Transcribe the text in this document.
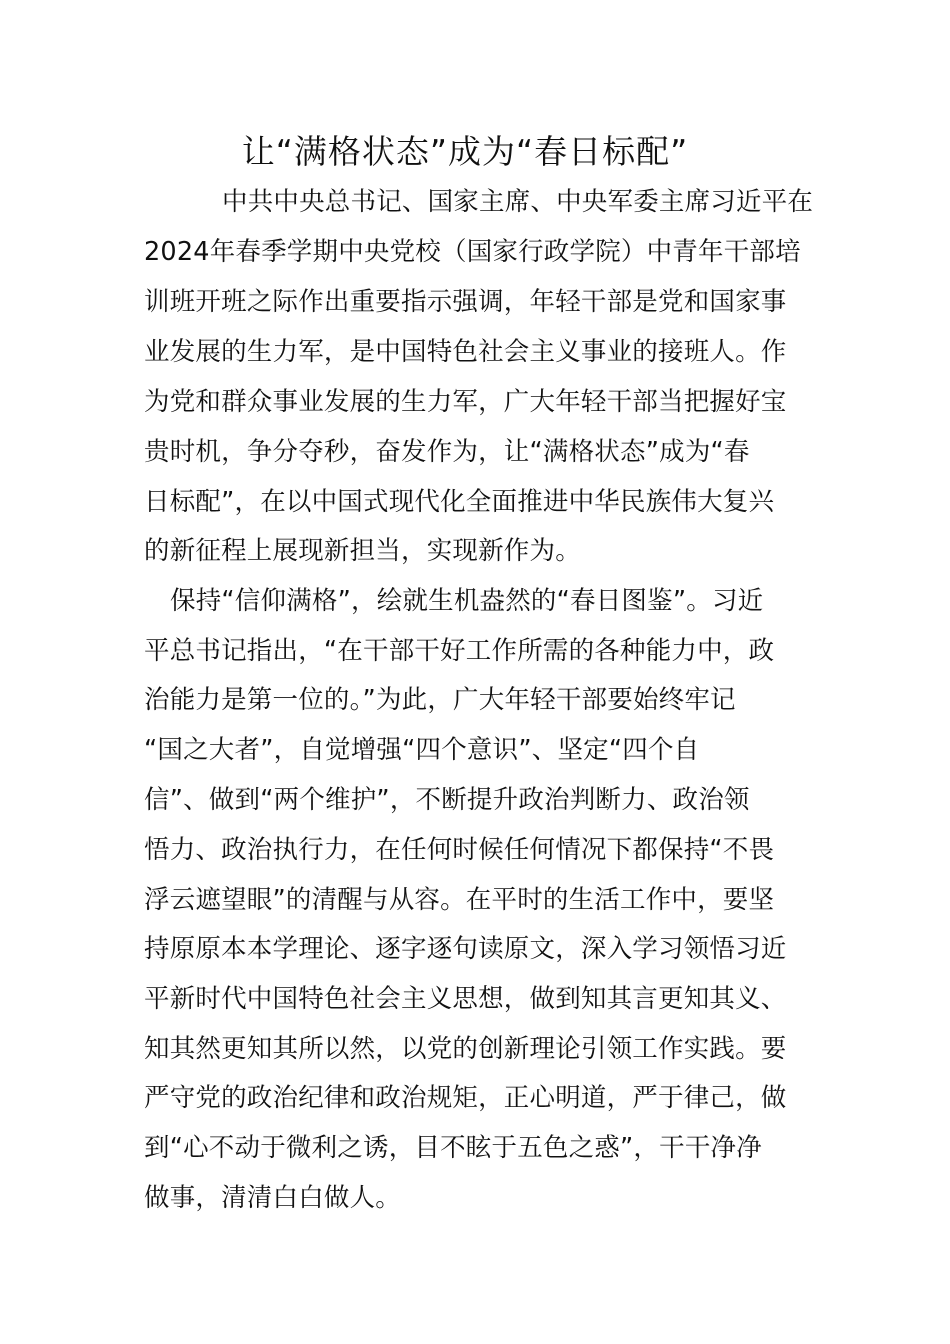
让“满格状态”成为“春日标配”
中共中央总书记、国家主席、中央军委主席习近平在
2024年春季学期中央党校（国家行政学院）中青年干部培
训班开班之际作出重要指示强调，年轻干部是党和国家事
业发展的生力军，是中国特色社会主义事业的接班人。作
为党和群众事业发展的生力军，广大年轻干部当把握好宝
贵时机，争分夺秒，奋发作为，让“满格状态”成为“春
日标配”，在以中国式现代化全面推进中华民族伟大复兴
的新征程上展现新担当，实现新作为。
保持“信仰满格”，绘就生机盎然的“春日图鉴”。习近
平总书记指出，“在干部干好工作所需的各种能力中，政
治能力是第一位的。”为此，广大年轻干部要始终牢记
“国之大者”，自觉增强“四个意识”、坚定“四个自
信”、做到“两个维护”，不断提升政治判断力、政治领
悟力、政治执行力，在任何时候任何情况下都保持“不畏
浮云遮望眼”的清醒与从容。在平时的生活工作中，要坚
持原原本本学理论、逐字逐句读原文，深入学习领悟习近
平新时代中国特色社会主义思想，做到知其言更知其义、
知其然更知其所以然，以党的创新理论引领工作实践。要
严守党的政治纪律和政治规矩，正心明道，严于律己，做
到“心不动于微利之诱，目不眩于五色之惑”，干干净净
做事，清清白白做人。
